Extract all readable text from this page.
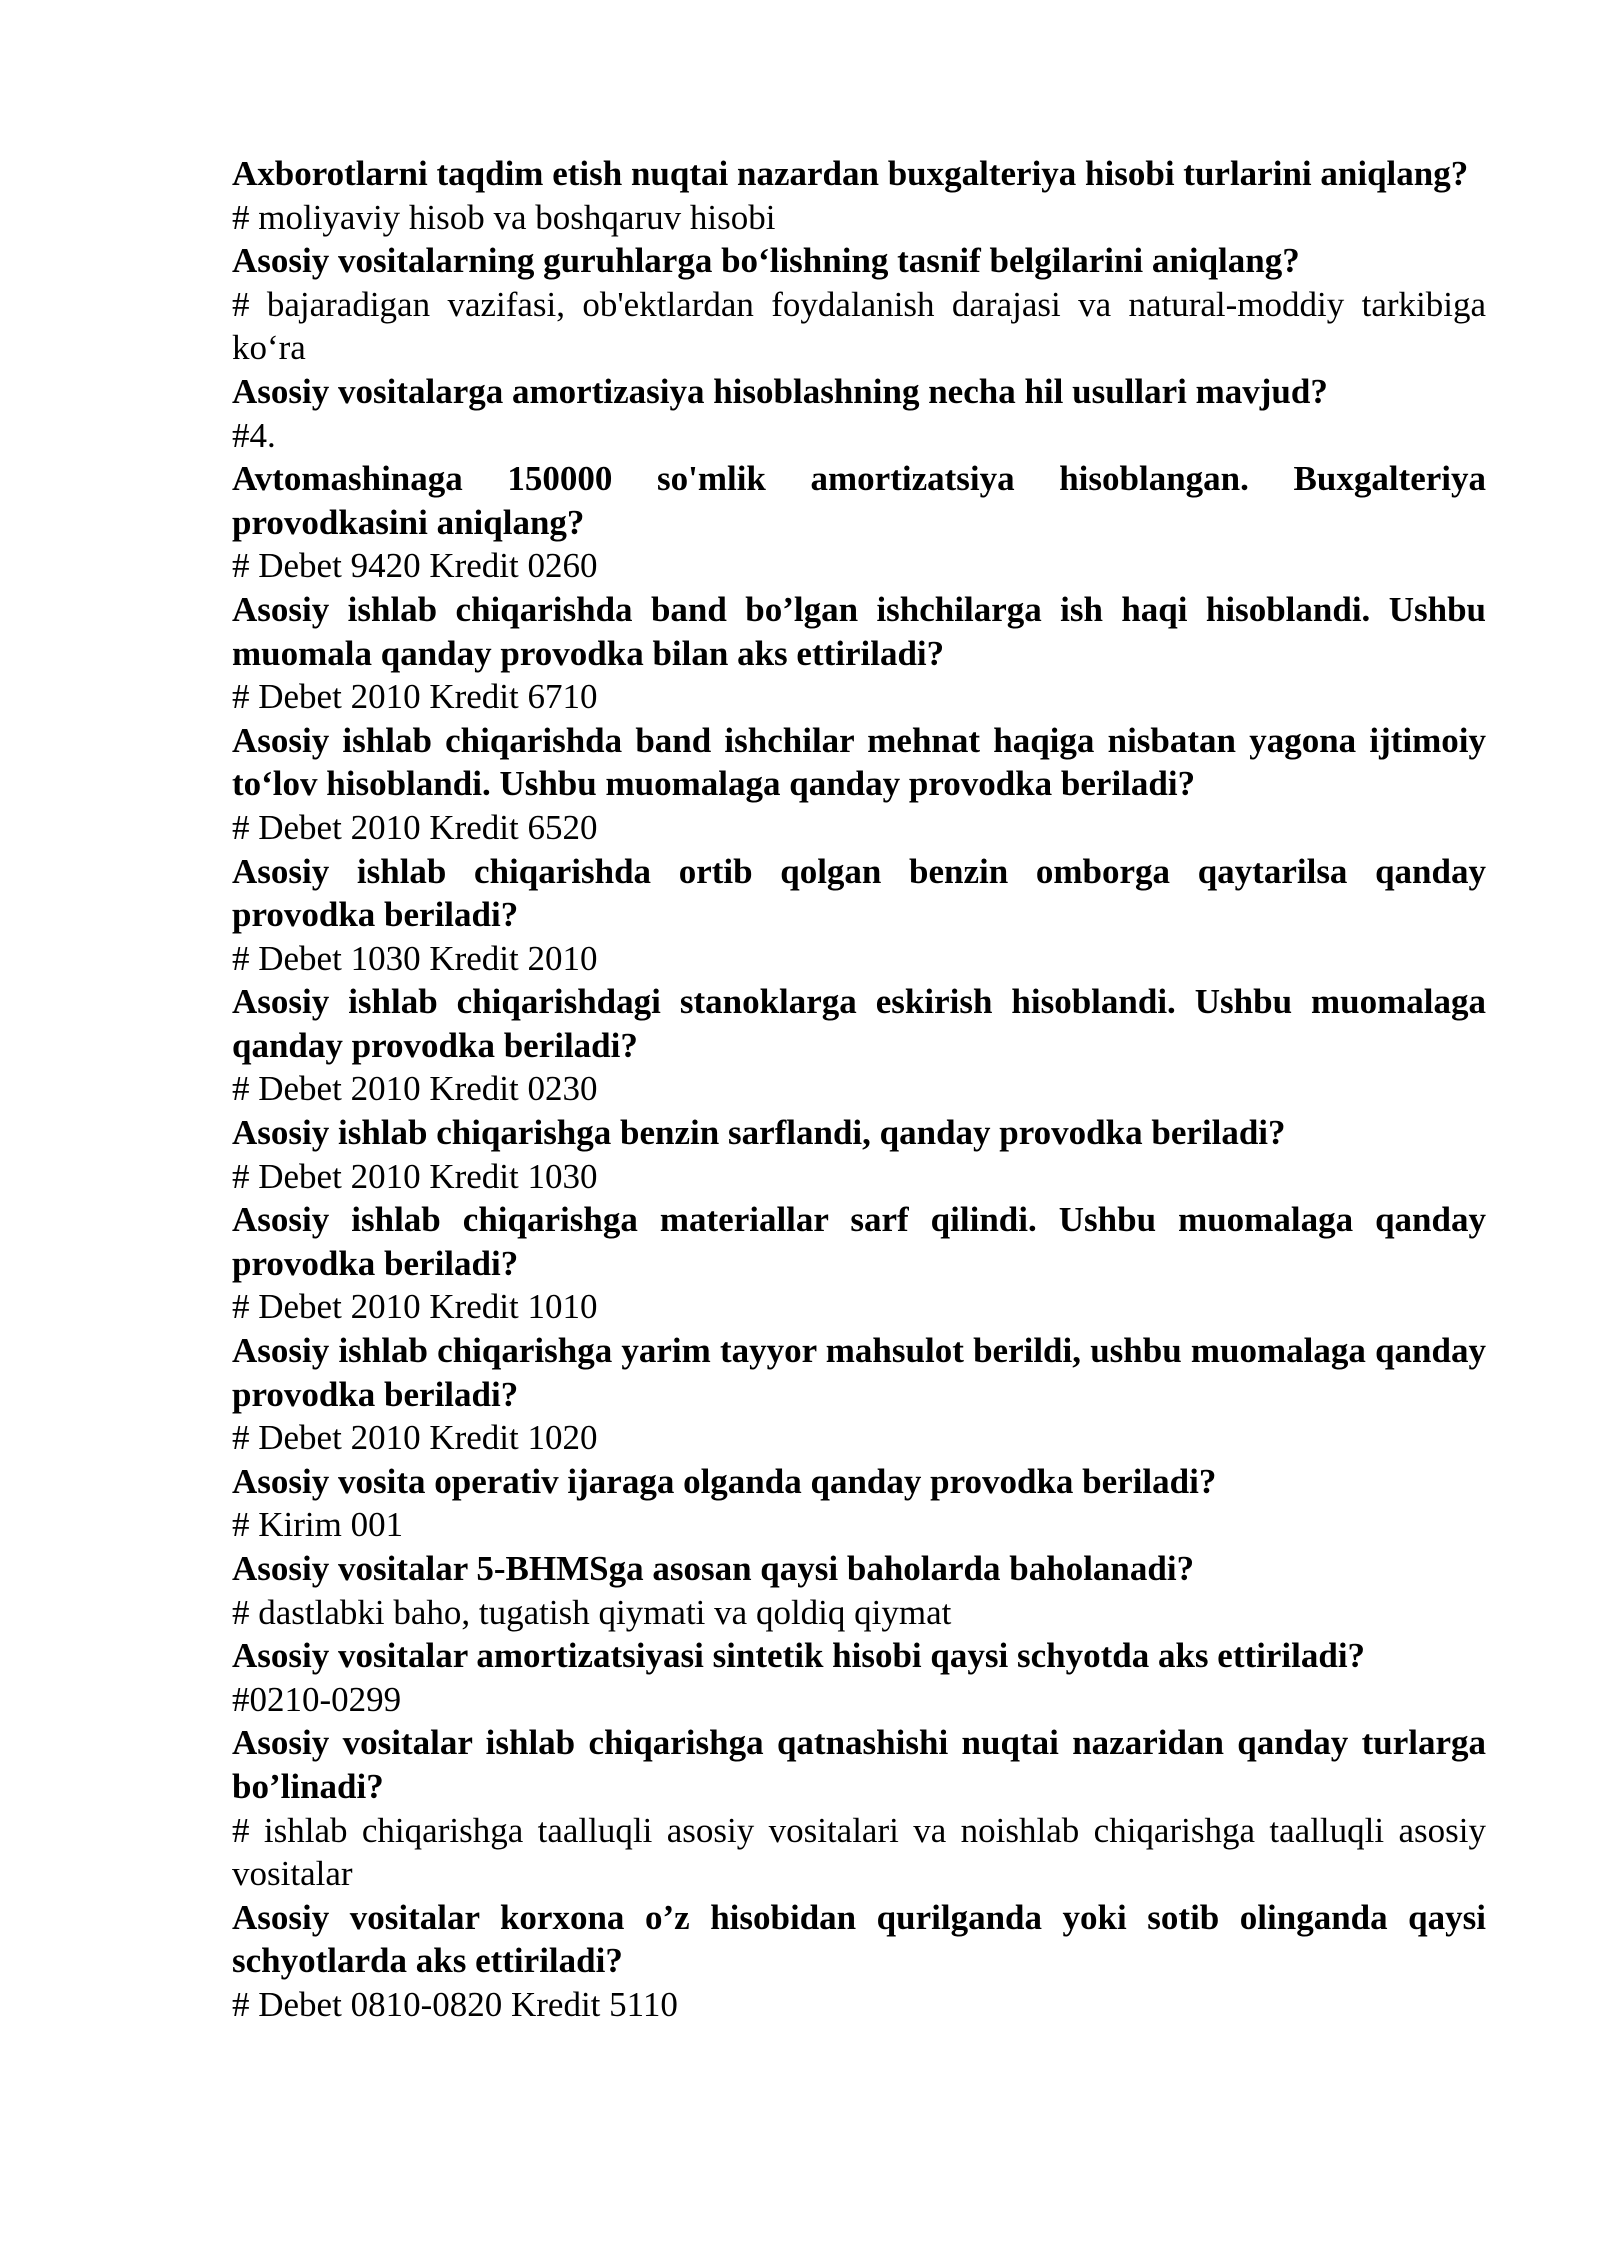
Axborotlarni taqdim etish nuqtai nazardan buxgalteriya hisobi turlarini aniqlang?

# moliyaviy hisob va boshqaruv hisobi

Asosiy vositalarning guruhlarga bo‘lishning tasnif belgilarini aniqlang?

# bajaradigan vazifasi, ob'ektlardan foydalanish darajasi va natural-moddiy tarkibiga ko‘ra

Asosiy vositalarga amortizasiya hisoblashning necha hil usullari mavjud?

#4.

Avtomashinaga 150000 so'mlik amortizatsiya hisoblangan. Buxgalteriya provodkasini aniqlang?

# Debet 9420 Kredit 0260

Asosiy ishlab chiqarishda band bo’lgan ishchilarga ish haqi hisoblandi. Ushbu muomala qanday provodka bilan aks ettiriladi?

# Debet 2010 Kredit 6710

Asosiy ishlab chiqarishda band ishchilar mehnat haqiga nisbatan yagona ijtimoiy to‘lov hisoblandi. Ushbu muomalaga qanday provodka beriladi?

# Debet 2010 Kredit 6520

Asosiy ishlab chiqarishda ortib qolgan benzin omborga qaytarilsa qanday provodka beriladi?

# Debet 1030 Kredit 2010

Asosiy ishlab chiqarishdagi stanoklarga eskirish hisoblandi. Ushbu muomalaga qanday provodka beriladi?

# Debet 2010 Kredit 0230

Asosiy ishlab chiqarishga benzin sarflandi, qanday provodka beriladi?

# Debet 2010 Kredit 1030

Asosiy ishlab chiqarishga materiallar sarf qilindi. Ushbu muomalaga qanday provodka beriladi?

# Debet 2010 Kredit 1010

Asosiy ishlab chiqarishga yarim tayyor mahsulot berildi, ushbu muomalaga qanday provodka beriladi?

# Debet 2010 Kredit 1020

Asosiy vosita operativ ijaraga olganda qanday provodka beriladi?

# Kirim 001

Asosiy vositalar 5-BHMSga asosan qaysi baholarda baholanadi?

# dastlabki baho, tugatish qiymati va qoldiq qiymat

Asosiy vositalar amortizatsiyasi sintetik hisobi qaysi schyotda aks ettiriladi?

#0210-0299

Asosiy vositalar ishlab chiqarishga qatnashishi nuqtai nazaridan qanday turlarga bo’linadi?

# ishlab chiqarishga taalluqli asosiy vositalari va noishlab chiqarishga taalluqli asosiy vositalar

Asosiy vositalar korxona o’z hisobidan qurilganda yoki sotib olinganda qaysi schyotlarda aks ettiriladi?

# Debet 0810-0820 Kredit 5110
